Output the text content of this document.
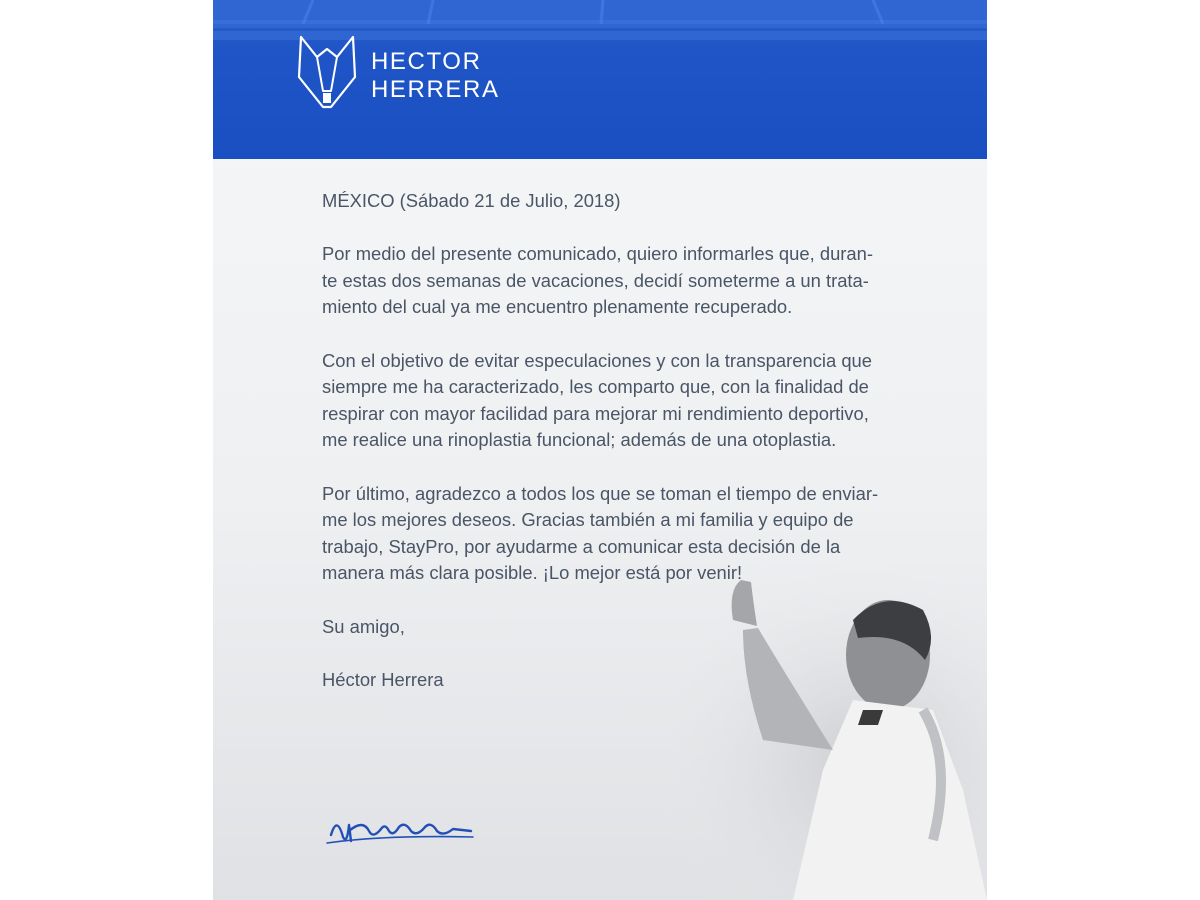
HECTOR
HERRERA
MÉXICO (Sábado 21 de Julio, 2018)
Por medio del presente comunicado, quiero informarles que, duran-
te estas dos semanas de vacaciones, decidí someterme a un trata-
miento del cual ya me encuentro plenamente recuperado.
Con el objetivo de evitar especulaciones y con la transparencia que
siempre me ha caracterizado, les comparto que, con la finalidad de
respirar con mayor facilidad para mejorar mi rendimiento deportivo,
me realice una rinoplastia funcional; además de una otoplastia.
Por último, agradezco a todos los que se toman el tiempo de enviar-
me los mejores deseos. Gracias también a mi familia y equipo de
trabajo, StayPro, por ayudarme a comunicar esta decisión de la
manera más clara posible. ¡Lo mejor está por venir!
Su amigo,
Héctor Herrera
